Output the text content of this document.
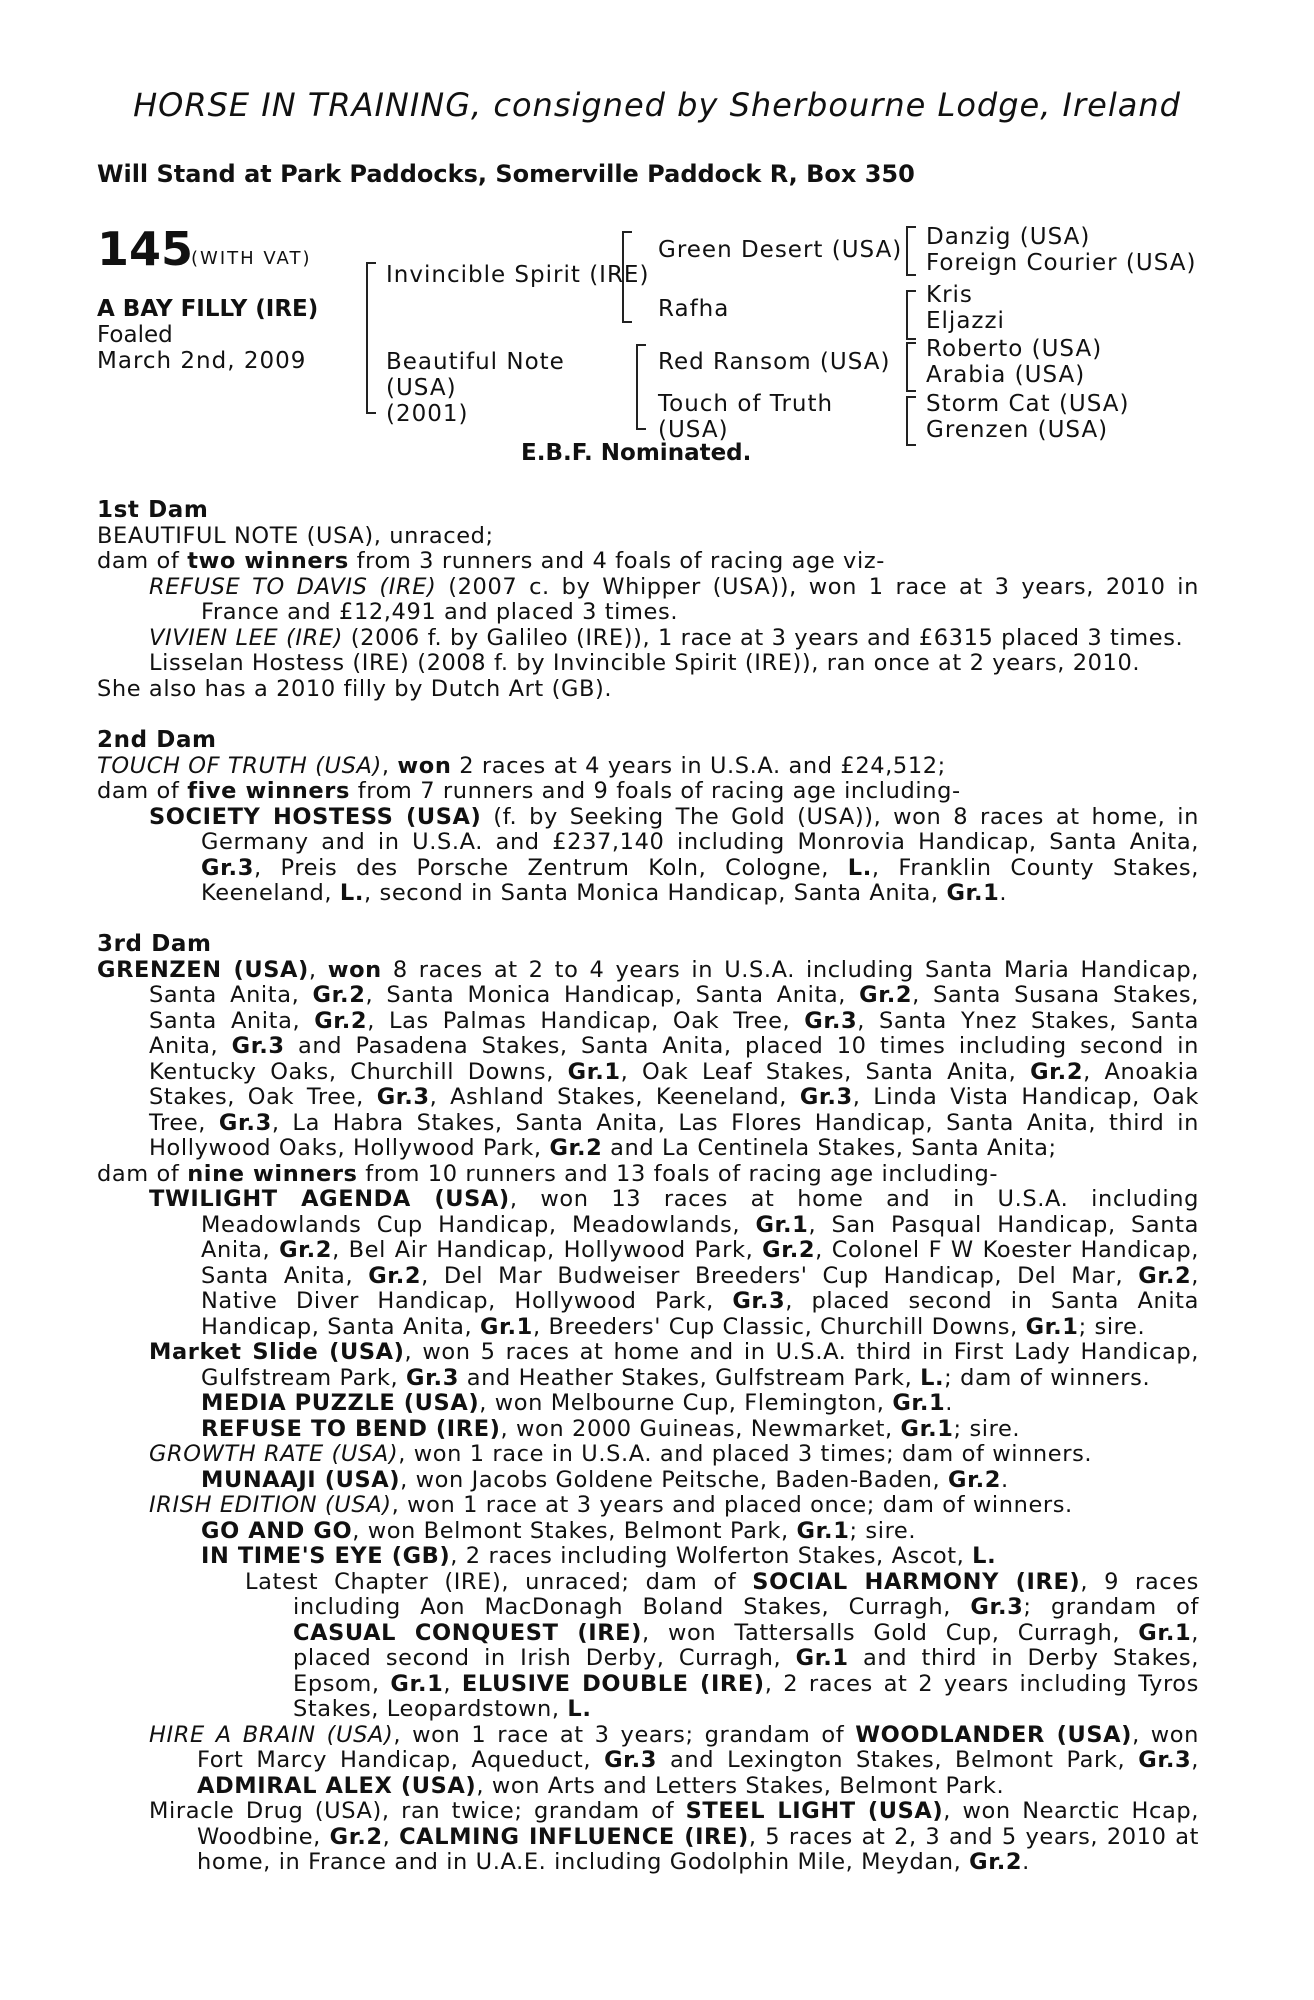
HORSE IN TRAINING, consigned by Sherbourne Lodge, Ireland
Will Stand at Park Paddocks, Somerville Paddock R, Box 350
145
(WITH VAT)
A BAY FILLY (IRE)
Foaled
March 2nd, 2009
Invincible Spirit (IRE)
Green Desert (USA) Danzig (USA)
Foreign Courier (USA)
Rafha
Kris
Eljazzi
Beautiful Note
(USA)
(2001)
Red Ransom (USA) Roberto (USA)
Arabia (USA)
Touch of Truth
(USA)
Storm Cat (USA)
Grenzen (USA)
E.B.F. Nominated.
1st Dam

BEAUTIFUL NOTE (USA), unraced;

dam of two winners from 3 runners and 4 foals of racing age viz-

REFUSE TO DAVIS (IRE) (2007 c. by Whipper (USA)), won 1 race at 3 years, 2010 in France and £12,491 and placed 3 times.

VIVIEN LEE (IRE) (2006 f. by Galileo (IRE)), 1 race at 3 years and £6315 placed 3 times.

Lisselan Hostess (IRE) (2008 f. by Invincible Spirit (IRE)), ran once at 2 years, 2010.

She also has a 2010 filly by Dutch Art (GB).

2nd Dam

TOUCH OF TRUTH (USA), won 2 races at 4 years in U.S.A. and £24,512;

dam of five winners from 7 runners and 9 foals of racing age including-

SOCIETY HOSTESS (USA) (f. by Seeking The Gold (USA)), won 8 races at home, in Germany and in U.S.A. and £237,140 including Monrovia Handicap, Santa Anita, Gr.3, Preis des Porsche Zentrum Koln, Cologne, L., Franklin County Stakes, Keeneland, L., second in Santa Monica Handicap, Santa Anita, Gr.1.

3rd Dam

GRENZEN (USA), won 8 races at 2 to 4 years in U.S.A. including Santa Maria Handicap, Santa Anita, Gr.2, Santa Monica Handicap, Santa Anita, Gr.2, Santa Susana Stakes, Santa Anita, Gr.2, Las Palmas Handicap, Oak Tree, Gr.3, Santa Ynez Stakes, Santa Anita, Gr.3 and Pasadena Stakes, Santa Anita, placed 10 times including second in Kentucky Oaks, Churchill Downs, Gr.1, Oak Leaf Stakes, Santa Anita, Gr.2, Anoakia Stakes, Oak Tree, Gr.3, Ashland Stakes, Keeneland, Gr.3, Linda Vista Handicap, Oak Tree, Gr.3, La Habra Stakes, Santa Anita, Las Flores Handicap, Santa Anita, third in Hollywood Oaks, Hollywood Park, Gr.2 and La Centinela Stakes, Santa Anita;

dam of nine winners from 10 runners and 13 foals of racing age including-

TWILIGHT AGENDA (USA), won 13 races at home and in U.S.A. including Meadowlands Cup Handicap, Meadowlands, Gr.1, San Pasqual Handicap, Santa Anita, Gr.2, Bel Air Handicap, Hollywood Park, Gr.2, Colonel F W Koester Handicap, Santa Anita, Gr.2, Del Mar Budweiser Breeders' Cup Handicap, Del Mar, Gr.2, Native Diver Handicap, Hollywood Park, Gr.3, placed second in Santa Anita Handicap, Santa Anita, Gr.1, Breeders' Cup Classic, Churchill Downs, Gr.1; sire.

Market Slide (USA), won 5 races at home and in U.S.A. third in First Lady Handicap, Gulfstream Park, Gr.3 and Heather Stakes, Gulfstream Park, L.; dam of winners.

MEDIA PUZZLE (USA), won Melbourne Cup, Flemington, Gr.1.

REFUSE TO BEND (IRE), won 2000 Guineas, Newmarket, Gr.1; sire.

GROWTH RATE (USA), won 1 race in U.S.A. and placed 3 times; dam of winners.

MUNAAJI (USA), won Jacobs Goldene Peitsche, Baden-Baden, Gr.2.

IRISH EDITION (USA), won 1 race at 3 years and placed once; dam of winners.

GO AND GO, won Belmont Stakes, Belmont Park, Gr.1; sire.

IN TIME'S EYE (GB), 2 races including Wolferton Stakes, Ascot, L.

Latest Chapter (IRE), unraced; dam of SOCIAL HARMONY (IRE), 9 races including Aon MacDonagh Boland Stakes, Curragh, Gr.3; grandam of CASUAL CONQUEST (IRE), won Tattersalls Gold Cup, Curragh, Gr.1, placed second in Irish Derby, Curragh, Gr.1 and third in Derby Stakes, Epsom, Gr.1, ELUSIVE DOUBLE (IRE), 2 races at 2 years including Tyros Stakes, Leopardstown, L.

HIRE A BRAIN (USA), won 1 race at 3 years; grandam of WOODLANDER (USA), won Fort Marcy Handicap, Aqueduct, Gr.3 and Lexington Stakes, Belmont Park, Gr.3, ADMIRAL ALEX (USA), won Arts and Letters Stakes, Belmont Park.

Miracle Drug (USA), ran twice; grandam of STEEL LIGHT (USA), won Nearctic Hcap, Woodbine, Gr.2, CALMING INFLUENCE (IRE), 5 races at 2, 3 and 5 years, 2010 at home, in France and in U.A.E. including Godolphin Mile, Meydan, Gr.2.
